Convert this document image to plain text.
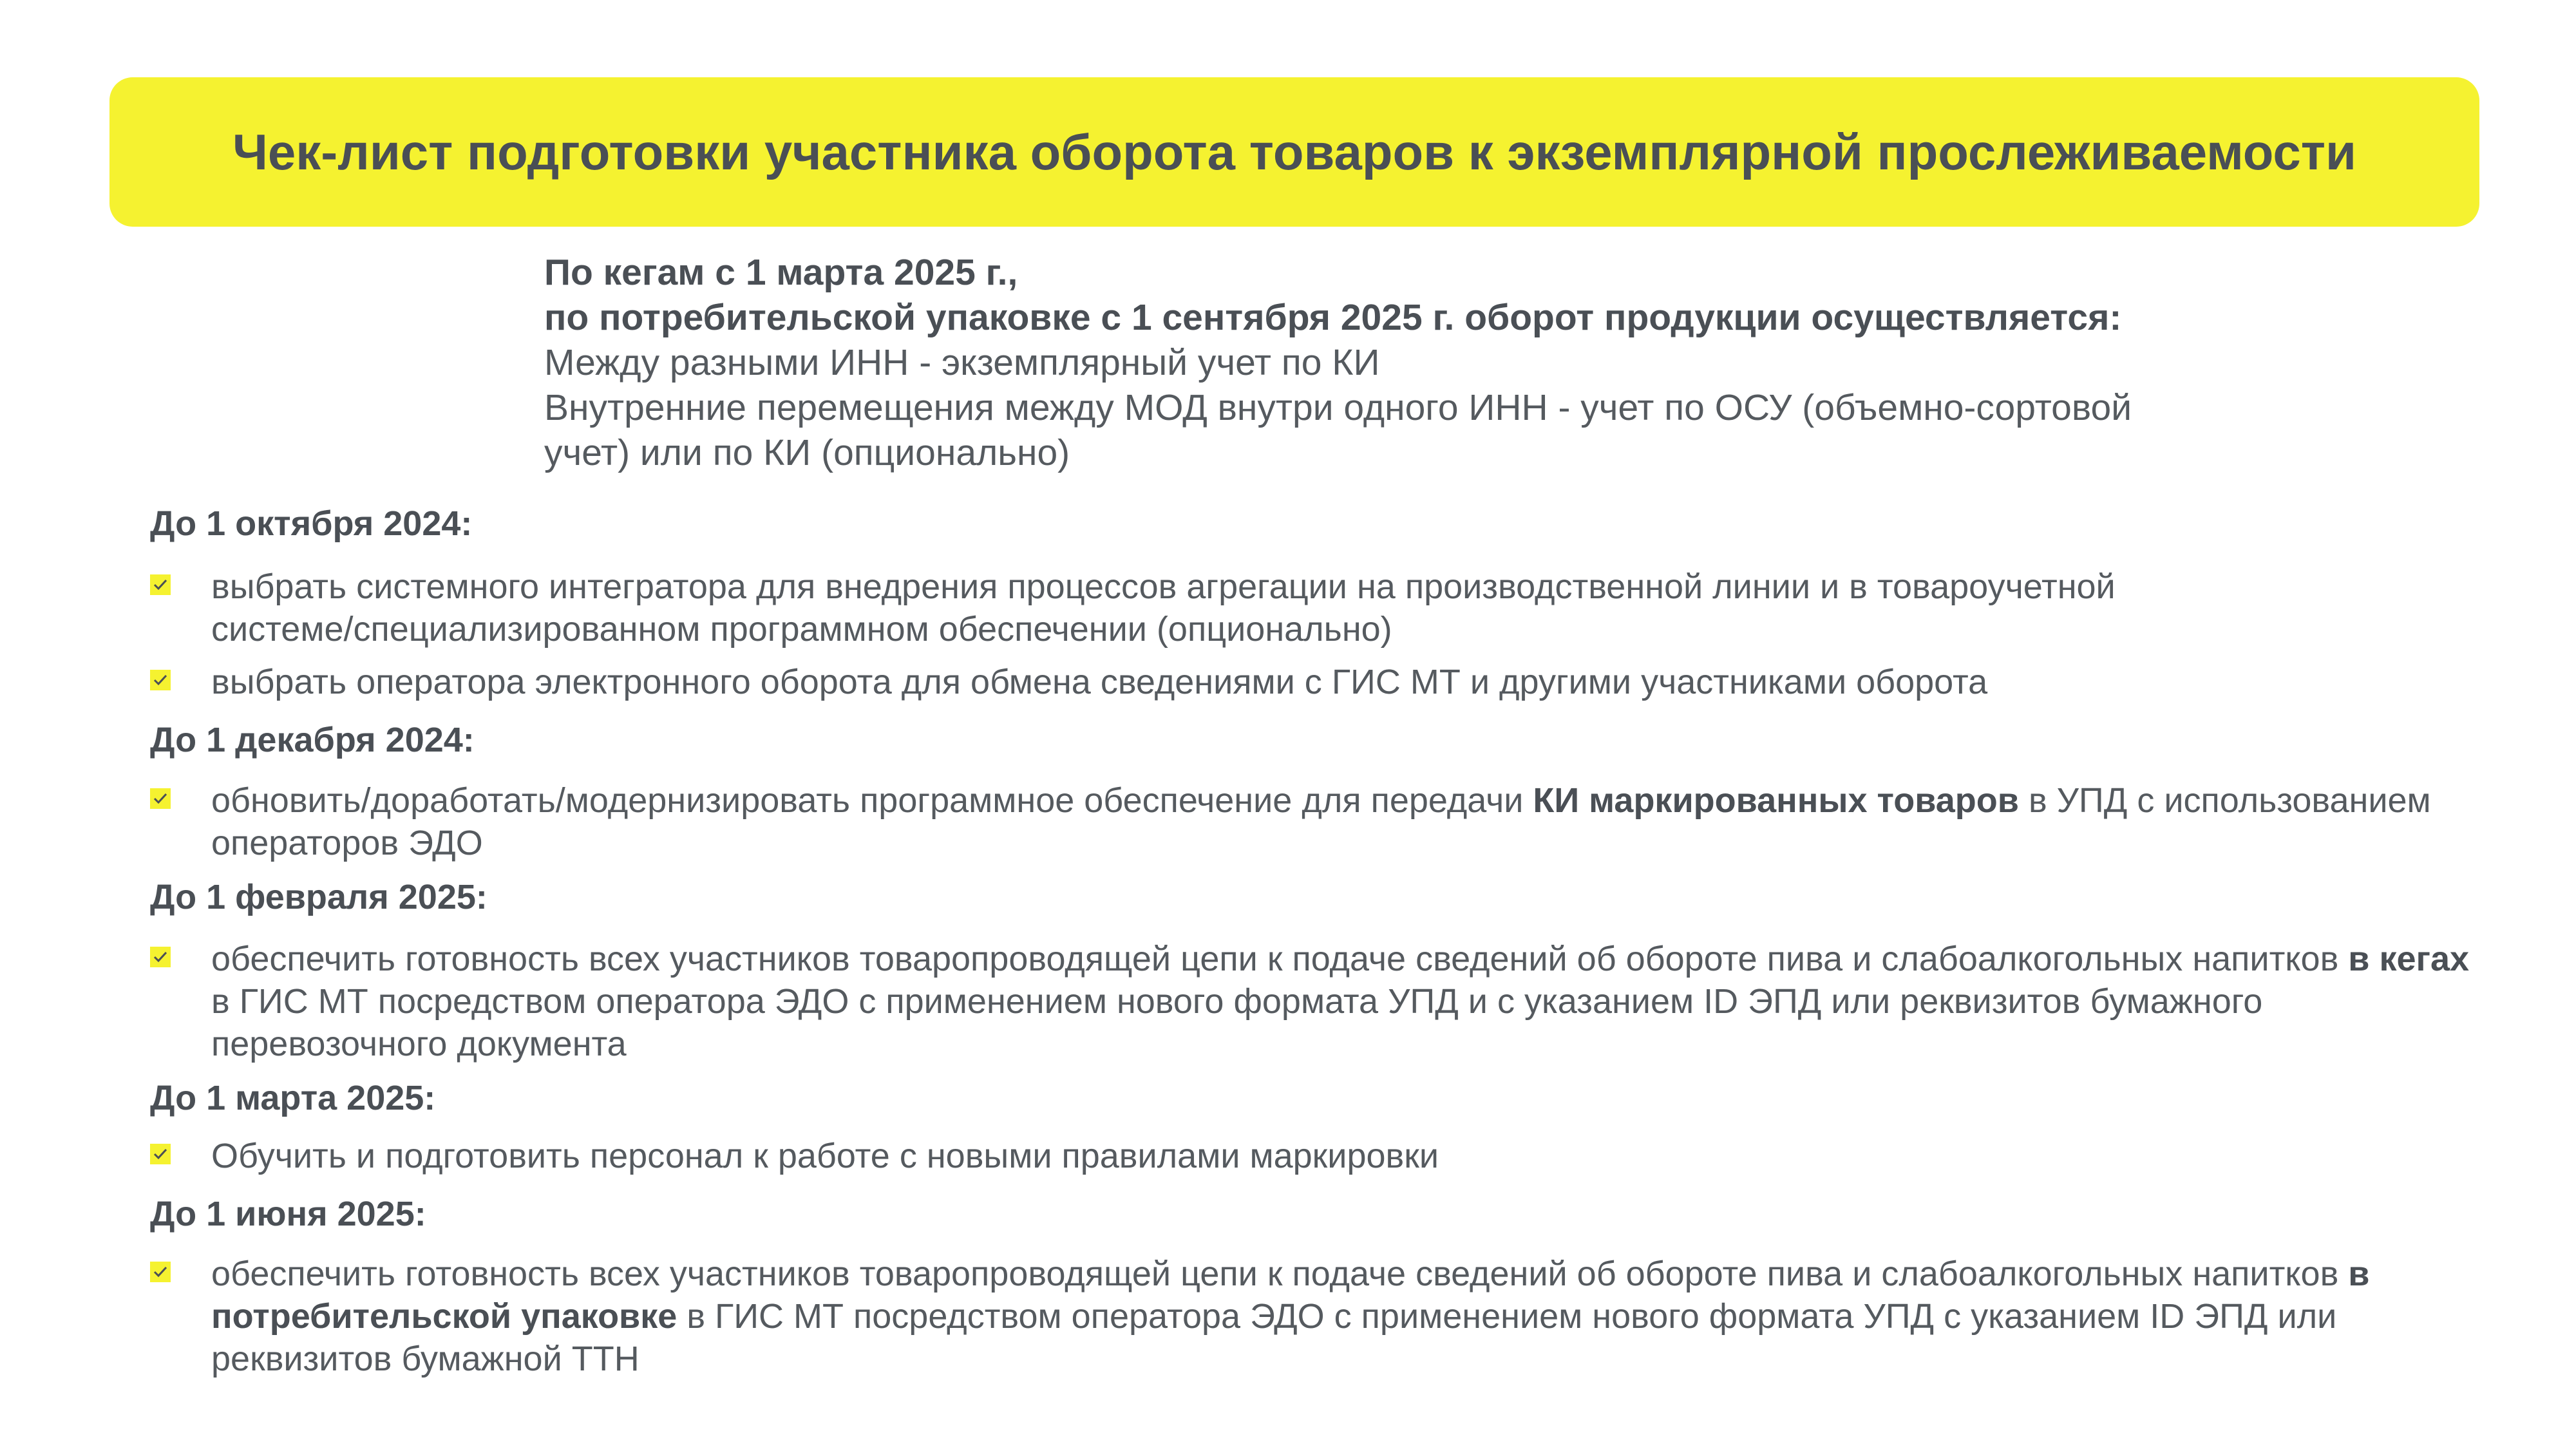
Чек-лист подготовки участника оборота товаров к экземплярной прослеживаемости
По кегам с 1 марта 2025 г.,
по потребительской упаковке с 1 сентября 2025 г. оборот продукции осуществляется:
Между разными ИНН - экземплярный учет по КИ
Внутренние перемещения между МОД внутри одного ИНН - учет по ОСУ (объемно-сортовой
учет) или по КИ (опционально)
До 1 октября 2024:
выбрать системного интегратора для внедрения процессов агрегации на производственной линии и в товароучетной
системе/специализированном программном обеспечении (опционально)
выбрать оператора электронного оборота для обмена сведениями с ГИС МТ и другими участниками оборота
До 1 декабря 2024:
обновить/доработать/модернизировать программное обеспечение для передачи КИ маркированных товаров в УПД с использованием
операторов ЭДО
До 1 февраля 2025:
обеспечить готовность всех участников товаропроводящей цепи к подаче сведений об обороте пива и слабоалкогольных напитков в кегах
в ГИС МТ посредством оператора ЭДО с применением нового формата УПД и с указанием ID ЭПД или реквизитов бумажного
перевозочного документа
До 1 марта 2025:
Обучить и подготовить персонал к работе с новыми правилами маркировки
До 1 июня 2025:
обеспечить готовность всех участников товаропроводящей цепи к подаче сведений об обороте пива и слабоалкогольных напитков в
потребительской упаковке в ГИС МТ посредством оператора ЭДО с применением нового формата УПД с указанием ID ЭПД или
реквизитов бумажной ТТН
